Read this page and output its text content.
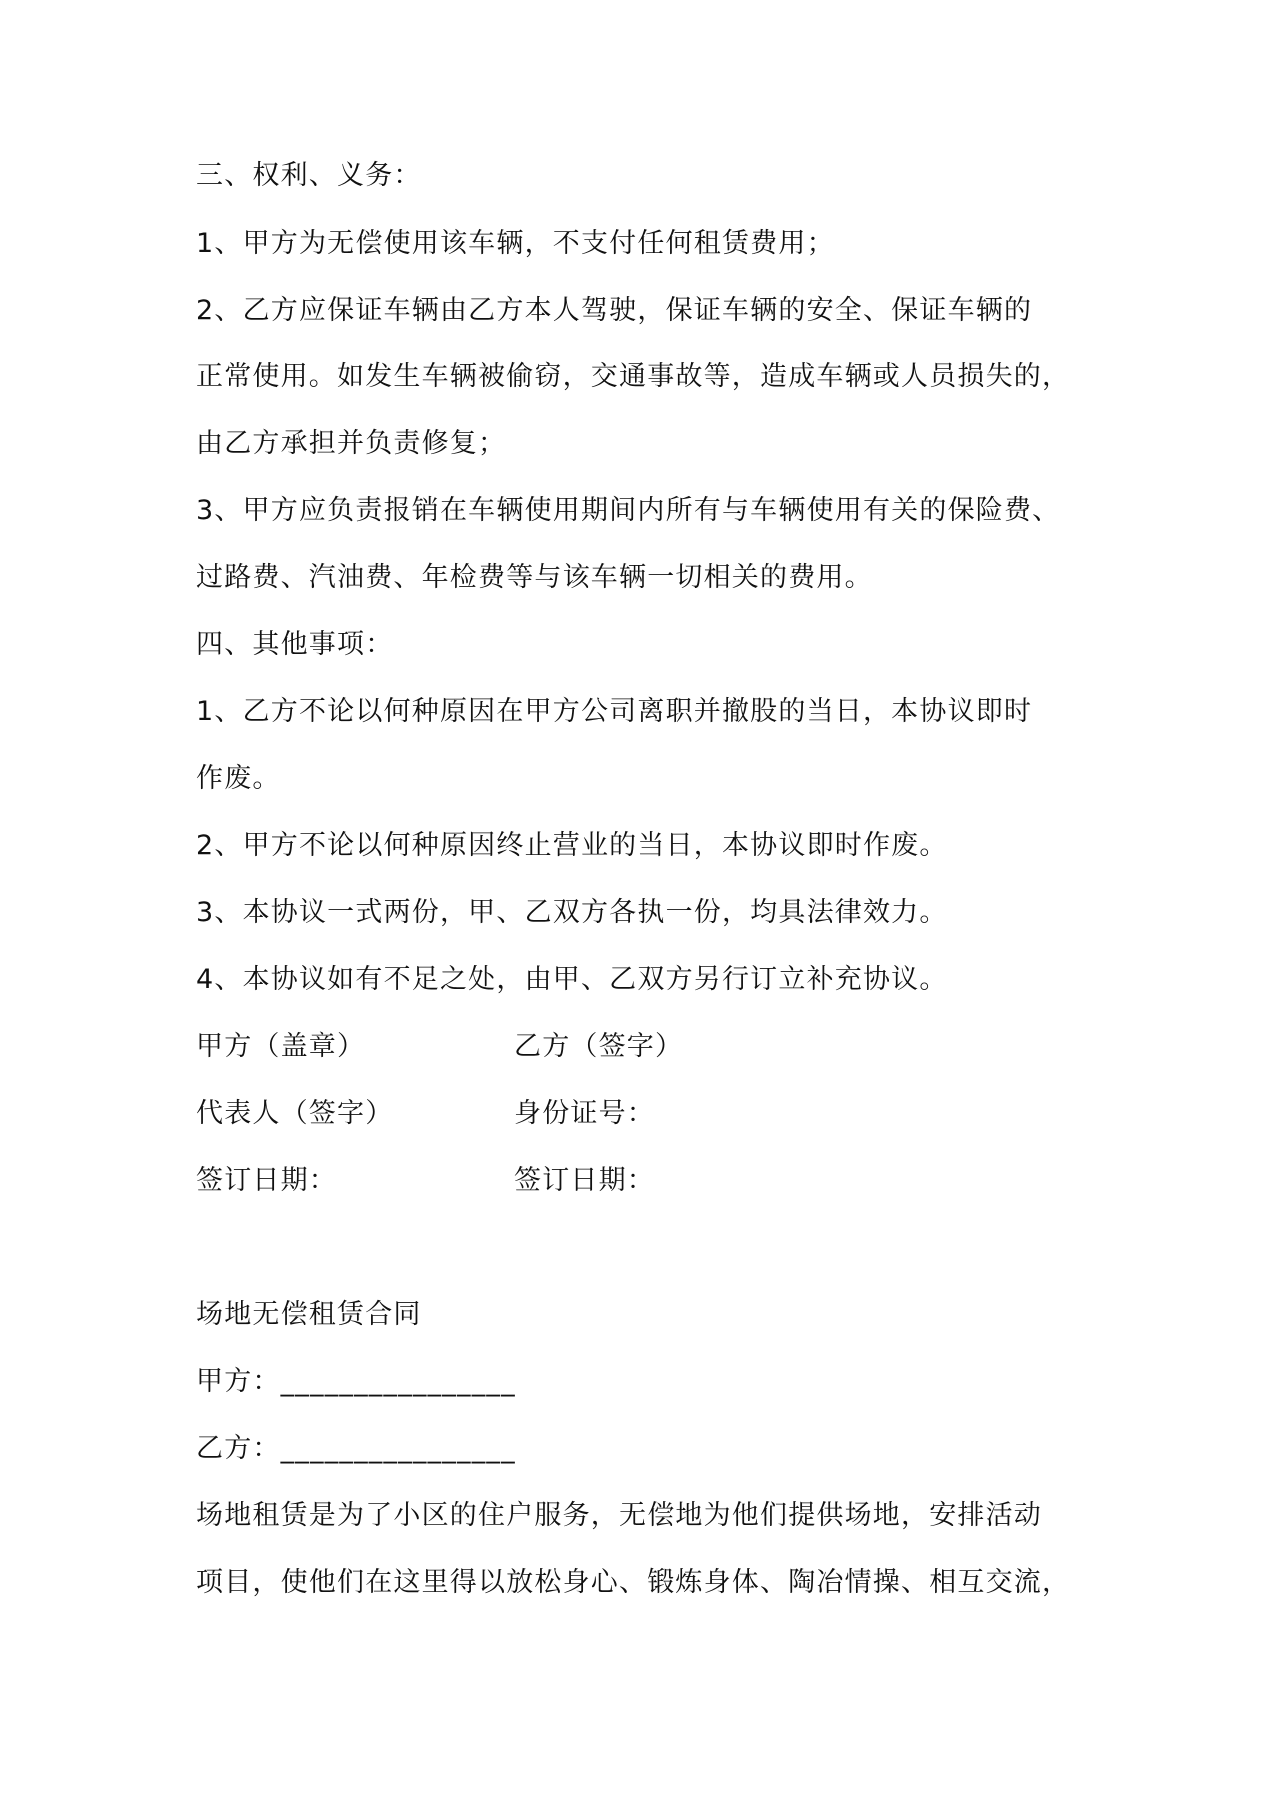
三、权利、义务：
1、甲方为无偿使用该车辆，不支付任何租赁费用；
2、乙方应保证车辆由乙方本人驾驶，保证车辆的安全、保证车辆的
正常使用。如发生车辆被偷窃，交通事故等，造成车辆或人员损失的，
由乙方承担并负责修复；
3、甲方应负责报销在车辆使用期间内所有与车辆使用有关的保险费、
过路费、汽油费、年检费等与该车辆一切相关的费用。
四、其他事项：
1、乙方不论以何种原因在甲方公司离职并撤股的当日，本协议即时
作废。
2、甲方不论以何种原因终止营业的当日，本协议即时作废。
3、本协议一式两份，甲、乙双方各执一份，均具法律效力。
4、本协议如有不足之处，由甲、乙双方另行订立补充协议。
甲方（盖章）	乙方（签字）
代表人（签字）	身份证号：
签订日期：	签订日期：
场地无偿租赁合同
甲方：________________
乙方：________________
场地租赁是为了小区的住户服务，无偿地为他们提供场地，安排活动
项目，使他们在这里得以放松身心、锻炼身体、陶冶情操、相互交流，
